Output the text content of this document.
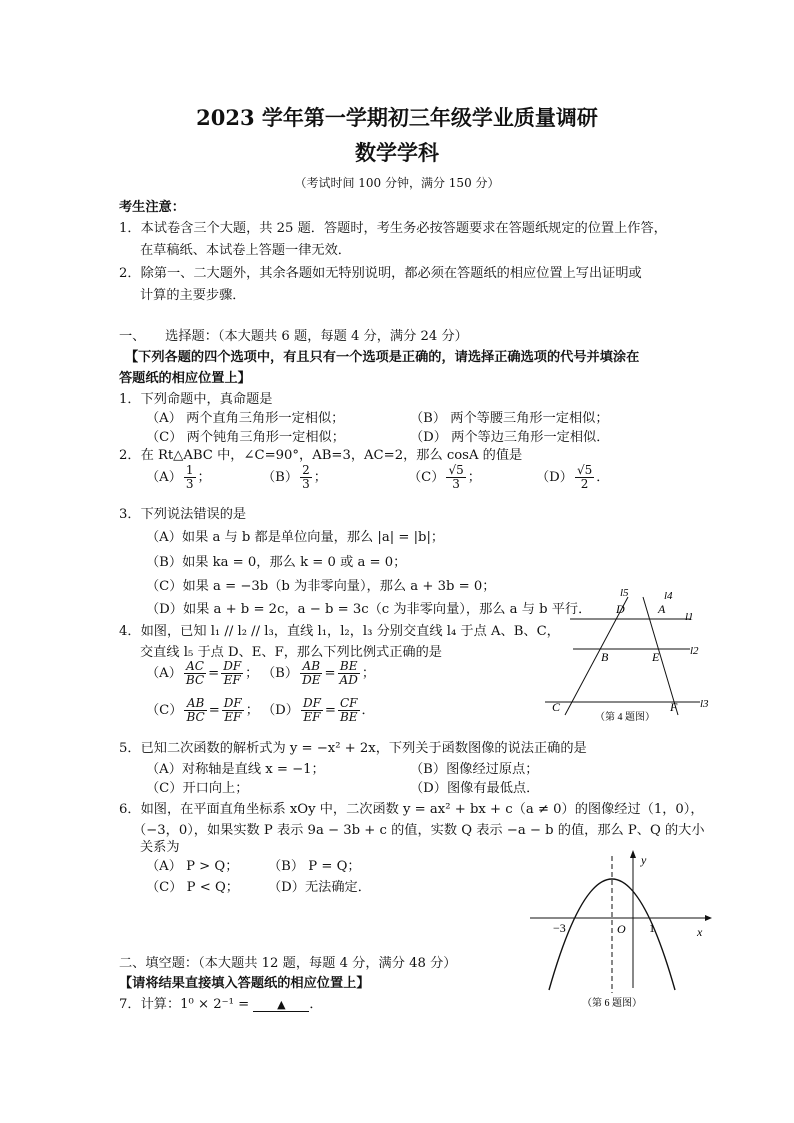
2023 学年第一学期初三年级学业质量调研
数学学科
（考试时间 100 分钟，满分 150 分）
考生注意：
1．本试卷含三个大题，共 25 题．答题时，考生务必按答题要求在答题纸规定的位置上作答，
在草稿纸、本试卷上答题一律无效．
2．除第一、二大题外，其余各题如无特别说明，都必须在答题纸的相应位置上写出证明或
计算的主要步骤．
一、　　选择题：（本大题共 6 题，每题 4 分，满分 24 分）
【下列各题的四个选项中，有且只有一个选项是正确的，请选择正确选项的代号并填涂在
答题纸的相应位置上】
1．下列命题中，真命题是
（A） 两个直角三角形一定相似；	（B） 两个等腰三角形一定相似；
（C） 两个钝角三角形一定相似；	（D） 两个等边三角形一定相似．
2．在 Rt△ABC 中，∠C=90°，AB=3，AC=2，那么 cosA 的值是
$(A) \frac{1}{3}$ ；	$(B) \frac{2}{3}$ ；	$(C) \frac{√5}{3}$ ；	$(D) \frac{√5}{2}$ ．
3．下列说法错误的是
（A）如果 a 与 b 都是单位向量，那么 |a| = |b|；
（B）如果 ka = 0，那么 k = 0 或 a = 0；
（C）如果 a = −3b（b 为非零向量），那么 a + 3b = 0；
（D）如果 a + b = 2c，a − b = 3c（c 为非零向量），那么 a 与 b 平行．
4．如图，已知 l₁ // l₂ // l₃，直线 l₁，l₂，l₃ 分别交直线 l₄ 于点 A、B、C，
交直线 l₅ 于点 D、E、F，那么下列比例式正确的是
$(A) \frac{AC}{BC} = \frac{DF}{EF}$ ； $(B) \frac{AB}{DE} = \frac{BE}{AD}$ ；
$(C) \frac{AB}{BC} = \frac{DF}{EF}$ ； $(D) \frac{DF}{EF} = \frac{CF}{BE}$ ．
l5	l4
l1
l2
l3
D	A
B	E
C	F
（第 4 题图）
5．已知二次函数的解析式为 y = −x² + 2x，下列关于函数图像的说法正确的是
（A）对称轴是直线 x = −1；	（B）图像经过原点；
（C）开口向上；	（D）图像有最低点．
6．如图，在平面直角坐标系 xOy 中，二次函数 y = ax² + bx + c（a ≠ 0）的图像经过（1，0），
（−3，0），如果实数 P 表示 9a − 3b + c 的值，实数 Q 表示 −a − b 的值，那么 P、Q 的大小
关系为
（A） P > Q； （B） P = Q；
（C） P < Q； （D）无法确定．
y
x
O
−3	1
（第 6 题图）
二、填空题：（本大题共 12 题，每题 4 分，满分 48 分）
【请将结果直接填入答题纸的相应位置上】
7．计算：1⁰ × 2⁻¹ =	▲ ．
